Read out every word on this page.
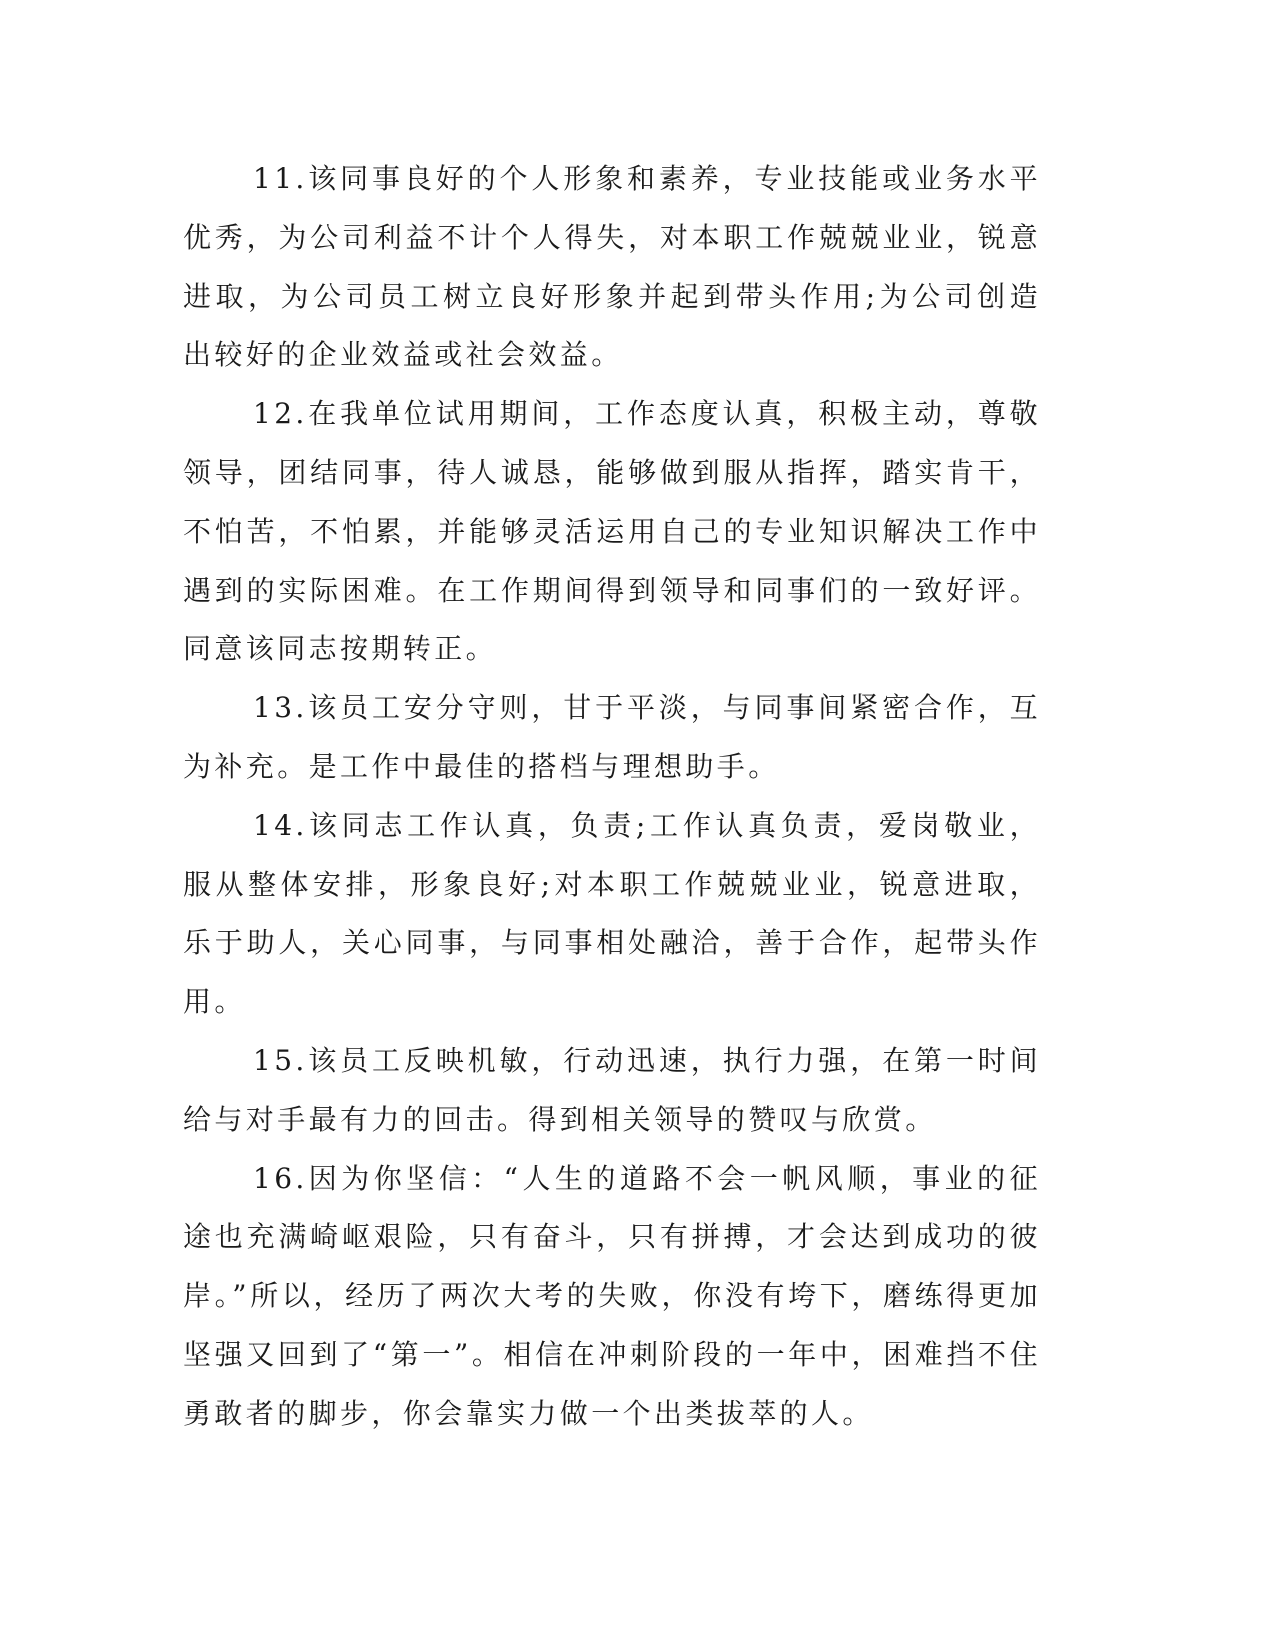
11.该同事良好的个人形象和素养，专业技能或业务水平优秀，为公司利益不计个人得失，对本职工作兢兢业业，锐意进取，为公司员工树立良好形象并起到带头作用;为公司创造出较好的企业效益或社会效益。

12.在我单位试用期间，工作态度认真，积极主动，尊敬领导，团结同事，待人诚恳，能够做到服从指挥，踏实肯干，不怕苦，不怕累，并能够灵活运用自己的专业知识解决工作中遇到的实际困难。在工作期间得到领导和同事们的一致好评。同意该同志按期转正。

13.该员工安分守则，甘于平淡，与同事间紧密合作，互为补充。是工作中最佳的搭档与理想助手。

14.该同志工作认真，负责;工作认真负责，爱岗敬业，服从整体安排，形象良好;对本职工作兢兢业业，锐意进取，乐于助人，关心同事，与同事相处融洽，善于合作，起带头作用。

15.该员工反映机敏，行动迅速，执行力强，在第一时间给与对手最有力的回击。得到相关领导的赞叹与欣赏。

16.因为你坚信：“人生的道路不会一帆风顺，事业的征途也充满崎岖艰险，只有奋斗，只有拼搏，才会达到成功的彼岸。”所以，经历了两次大考的失败，你没有垮下，磨练得更加坚强又回到了“第一”。相信在冲刺阶段的一年中，困难挡不住勇敢者的脚步，你会靠实力做一个出类拔萃的人。
